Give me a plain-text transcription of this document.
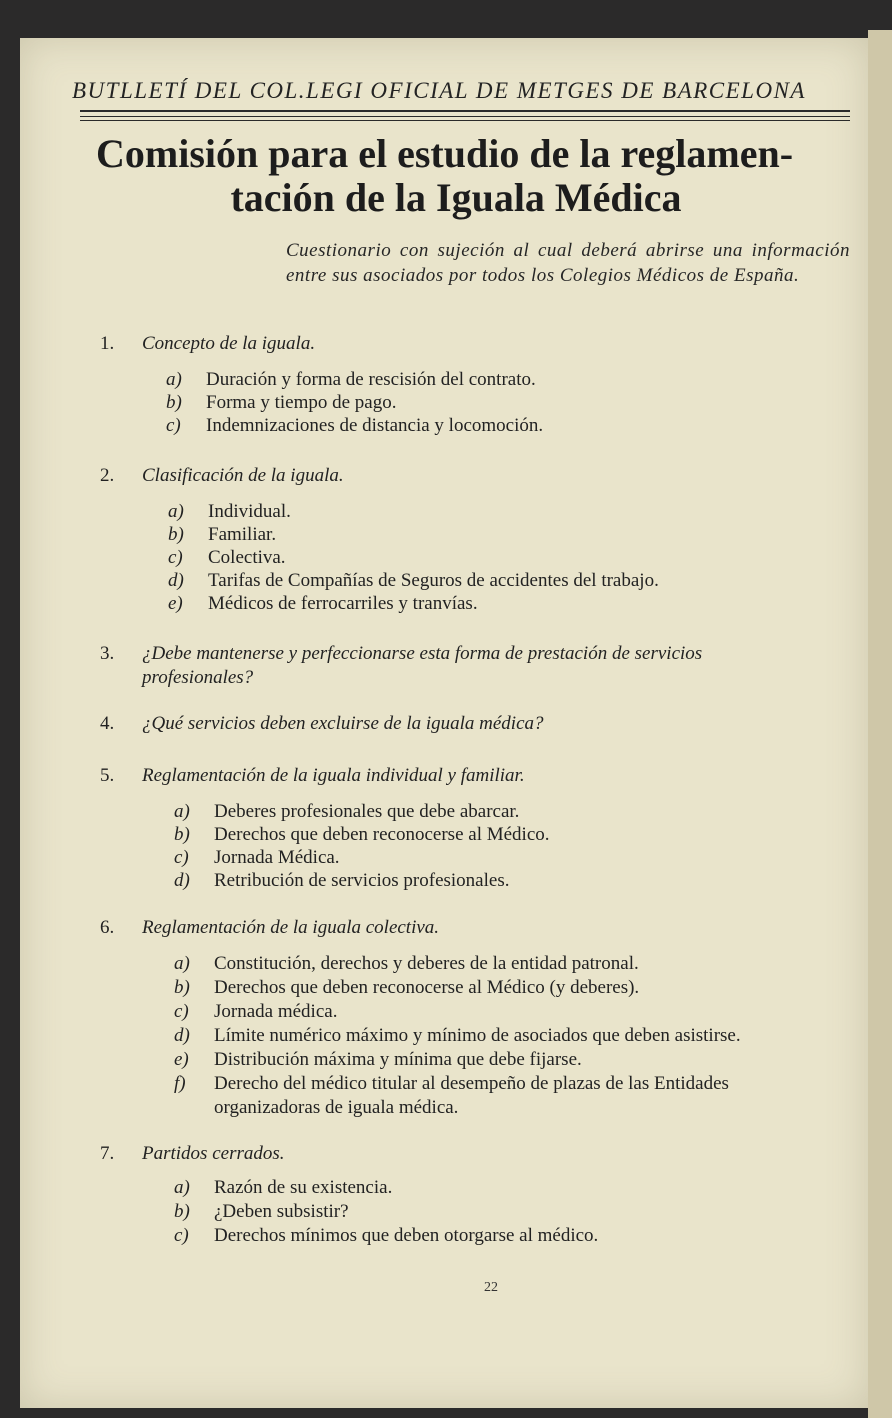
BUTLLETÍ DEL COL.LEGI OFICIAL DE METGES DE BARCELONA
Comisión para el estudio de la reglamen-
tación de la Iguala Médica
Cuestionario con sujeción al cual deberá abrirse una información entre sus asociados por todos los Colegios Médicos de España.
1. Concepto de la iguala.
a) Duración y forma de rescisión del contrato.
b) Forma y tiempo de pago.
c) Indemnizaciones de distancia y locomoción.
2. Clasificación de la iguala.
a) Individual.
b) Familiar.
c) Colectiva.
d) Tarifas de Compañías de Seguros de accidentes del trabajo.
e) Médicos de ferrocarriles y tranvías.
3. ¿Debe mantenerse y perfeccionarse esta forma de prestación de servicios
profesionales?
4. ¿Qué servicios deben excluirse de la iguala médica?
5. Reglamentación de la iguala individual y familiar.
a) Deberes profesionales que debe abarcar.
b) Derechos que deben reconocerse al Médico.
c) Jornada Médica.
d) Retribución de servicios profesionales.
6. Reglamentación de la iguala colectiva.
a) Constitución, derechos y deberes de la entidad patronal.
b) Derechos que deben reconocerse al Médico (y deberes).
c) Jornada médica.
d) Límite numérico máximo y mínimo de asociados que deben asistirse.
e) Distribución máxima y mínima que debe fijarse.
f) Derecho del médico titular al desempeño de plazas de las Entidades
organizadoras de iguala médica.
7. Partidos cerrados.
a) Razón de su existencia.
b) ¿Deben subsistir?
c) Derechos mínimos que deben otorgarse al médico.
22
